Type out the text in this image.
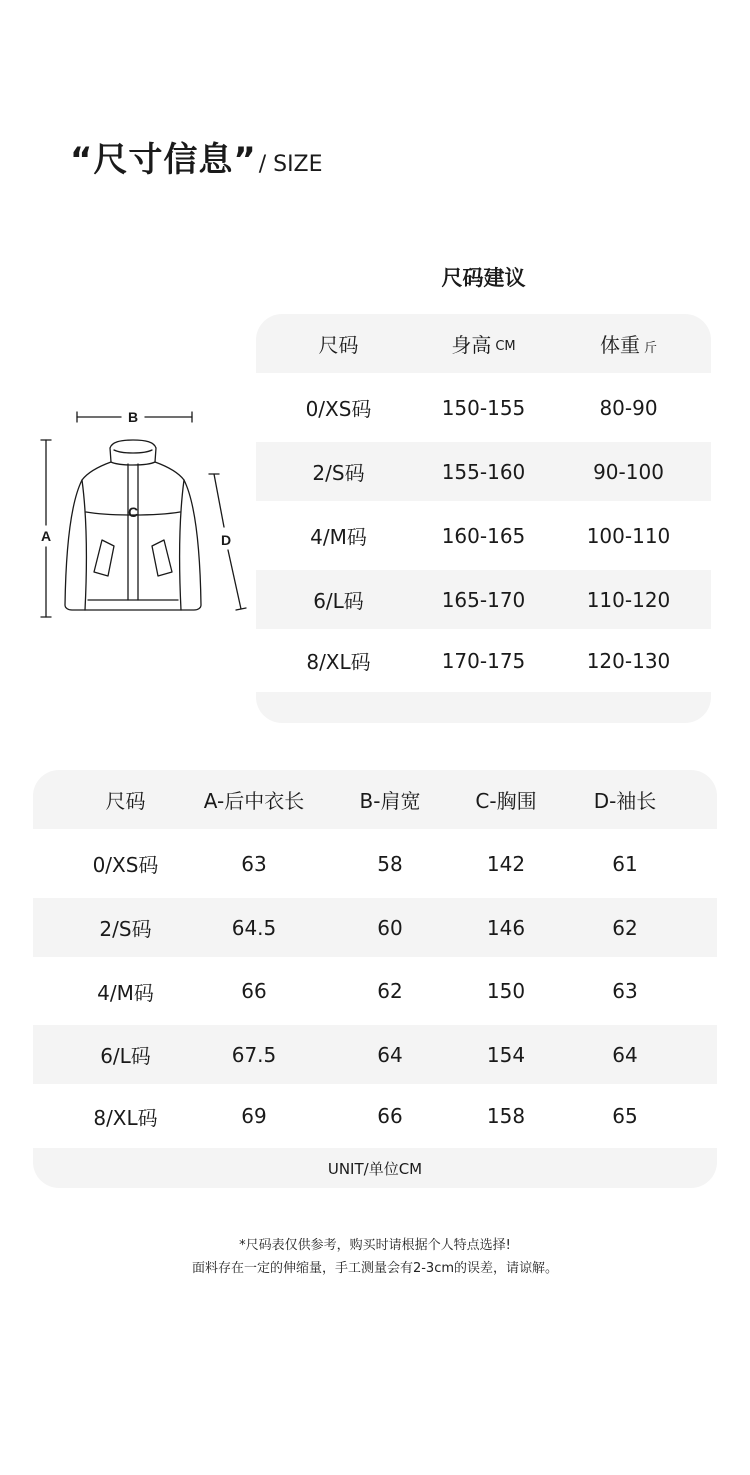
“尺寸信息”/ SIZE
尺码建议
尺码	身高 CM	体重 斤
0/XS码	150-155	80-90
2/S码	155-160	90-100
4/M码	160-165	100-110
6/L码	165-170	110-120
8/XL码	170-175	120-130
B
A
C
D
尺码	A-后中衣长	B-肩宽	C-胸围	D-袖长
0/XS码	63	58	142	61
2/S码	64.5	60	146	62
4/M码	66	62	150	63
6/L码	67.5	64	154	64
8/XL码	69	66	158	65
UNIT/单位CM
*尺码表仅供参考，购买时请根据个人特点选择!
面料存在一定的伸缩量，手工测量会有2-3cm的误差，请谅解。
